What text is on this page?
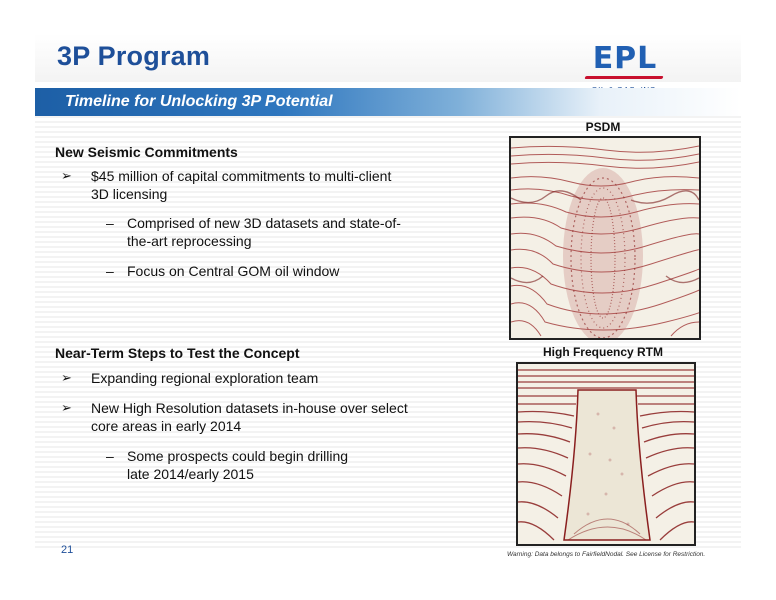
3P Program	EPL
Timeline for Unlocking 3P Potential

New Seismic Commitments

➢ $45 million of capital commitments to multi-client
3D licensing
– Comprised of new 3D datasets and state-of-
the-art reprocessing
– Focus on Central GOM oil window

Near-Term Steps to Test the Concept

➢ Expanding regional exploration team
➢ New High Resolution datasets in-house over select
core areas in early 2014
– Some prospects could begin drilling
late 2014/early 2015
PSDM
High Frequency RTM
21	Warning: Data belongs to FairfieldNodal. See License for Restriction.
